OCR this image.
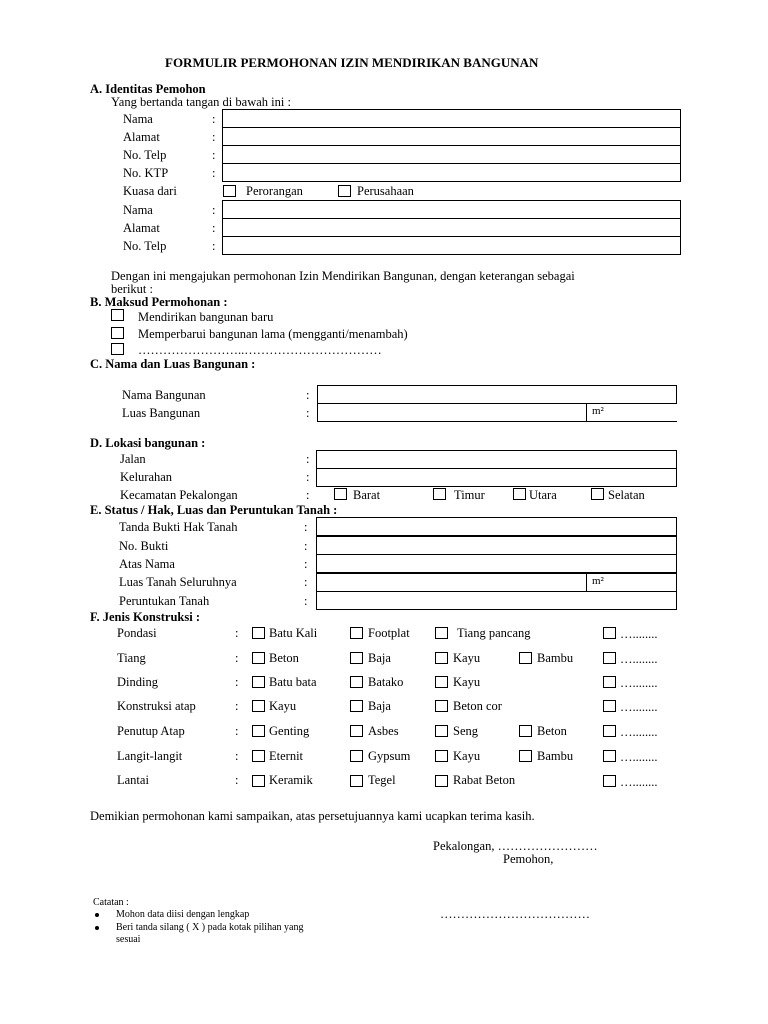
FORMULIR PERMOHONAN IZIN MENDIRIKAN BANGUNAN
A. Identitas Pemohon
Yang bertanda tangan di bawah ini :
Nama	:
Alamat	:
No. Telp	:
No. KTP	:
Kuasa dari	Perorangan	Perusahaan
Nama	:
Alamat	:
No. Telp	:
Dengan ini mengajukan permohonan Izin Mendirikan Bangunan, dengan keterangan sebagai
berikut :
B. Maksud Permohonan :
Mendirikan bangunan baru
Memperbarui bangunan lama (mengganti/menambah)
……………………..……………………………
C. Nama dan Luas Bangunan :
Nama Bangunan	:
Luas Bangunan	:	m²
D. Lokasi bangunan :
Jalan	:
Kelurahan	:
Kecamatan Pekalongan	:	Barat	Timur	Utara	Selatan
E. Status / Hak, Luas dan Peruntukan Tanah :
Tanda Bukti Hak Tanah	:
No. Bukti	:
Atas Nama	:
Luas Tanah Seluruhnya	:	m²
Peruntukan Tanah	:
F. Jenis Konstruksi :
Pondasi	: Batu Kali	Footplat	Tiang pancang	…........
Tiang	: Beton	Baja	Kayu	Bambu	…........
Dinding	: Batu bata	Batako	Kayu	…........
Konstruksi atap	: Kayu	Baja	Beton cor	…........
Penutup Atap	: Genting	Asbes	Seng	Beton	…........
Langit-langit	: Eternit	Gypsum	Kayu	Bambu	…........
Lantai	: Keramik	Tegel	Rabat Beton	…........
Demikian permohonan kami sampaikan, atas persetujuannya kami ucapkan terima kasih.
Pekalongan, ……………………
Pemohon,
………………………………
Catatan :
Mohon data diisi dengan lengkap
Beri tanda silang ( X ) pada kotak pilihan yang
sesuai
